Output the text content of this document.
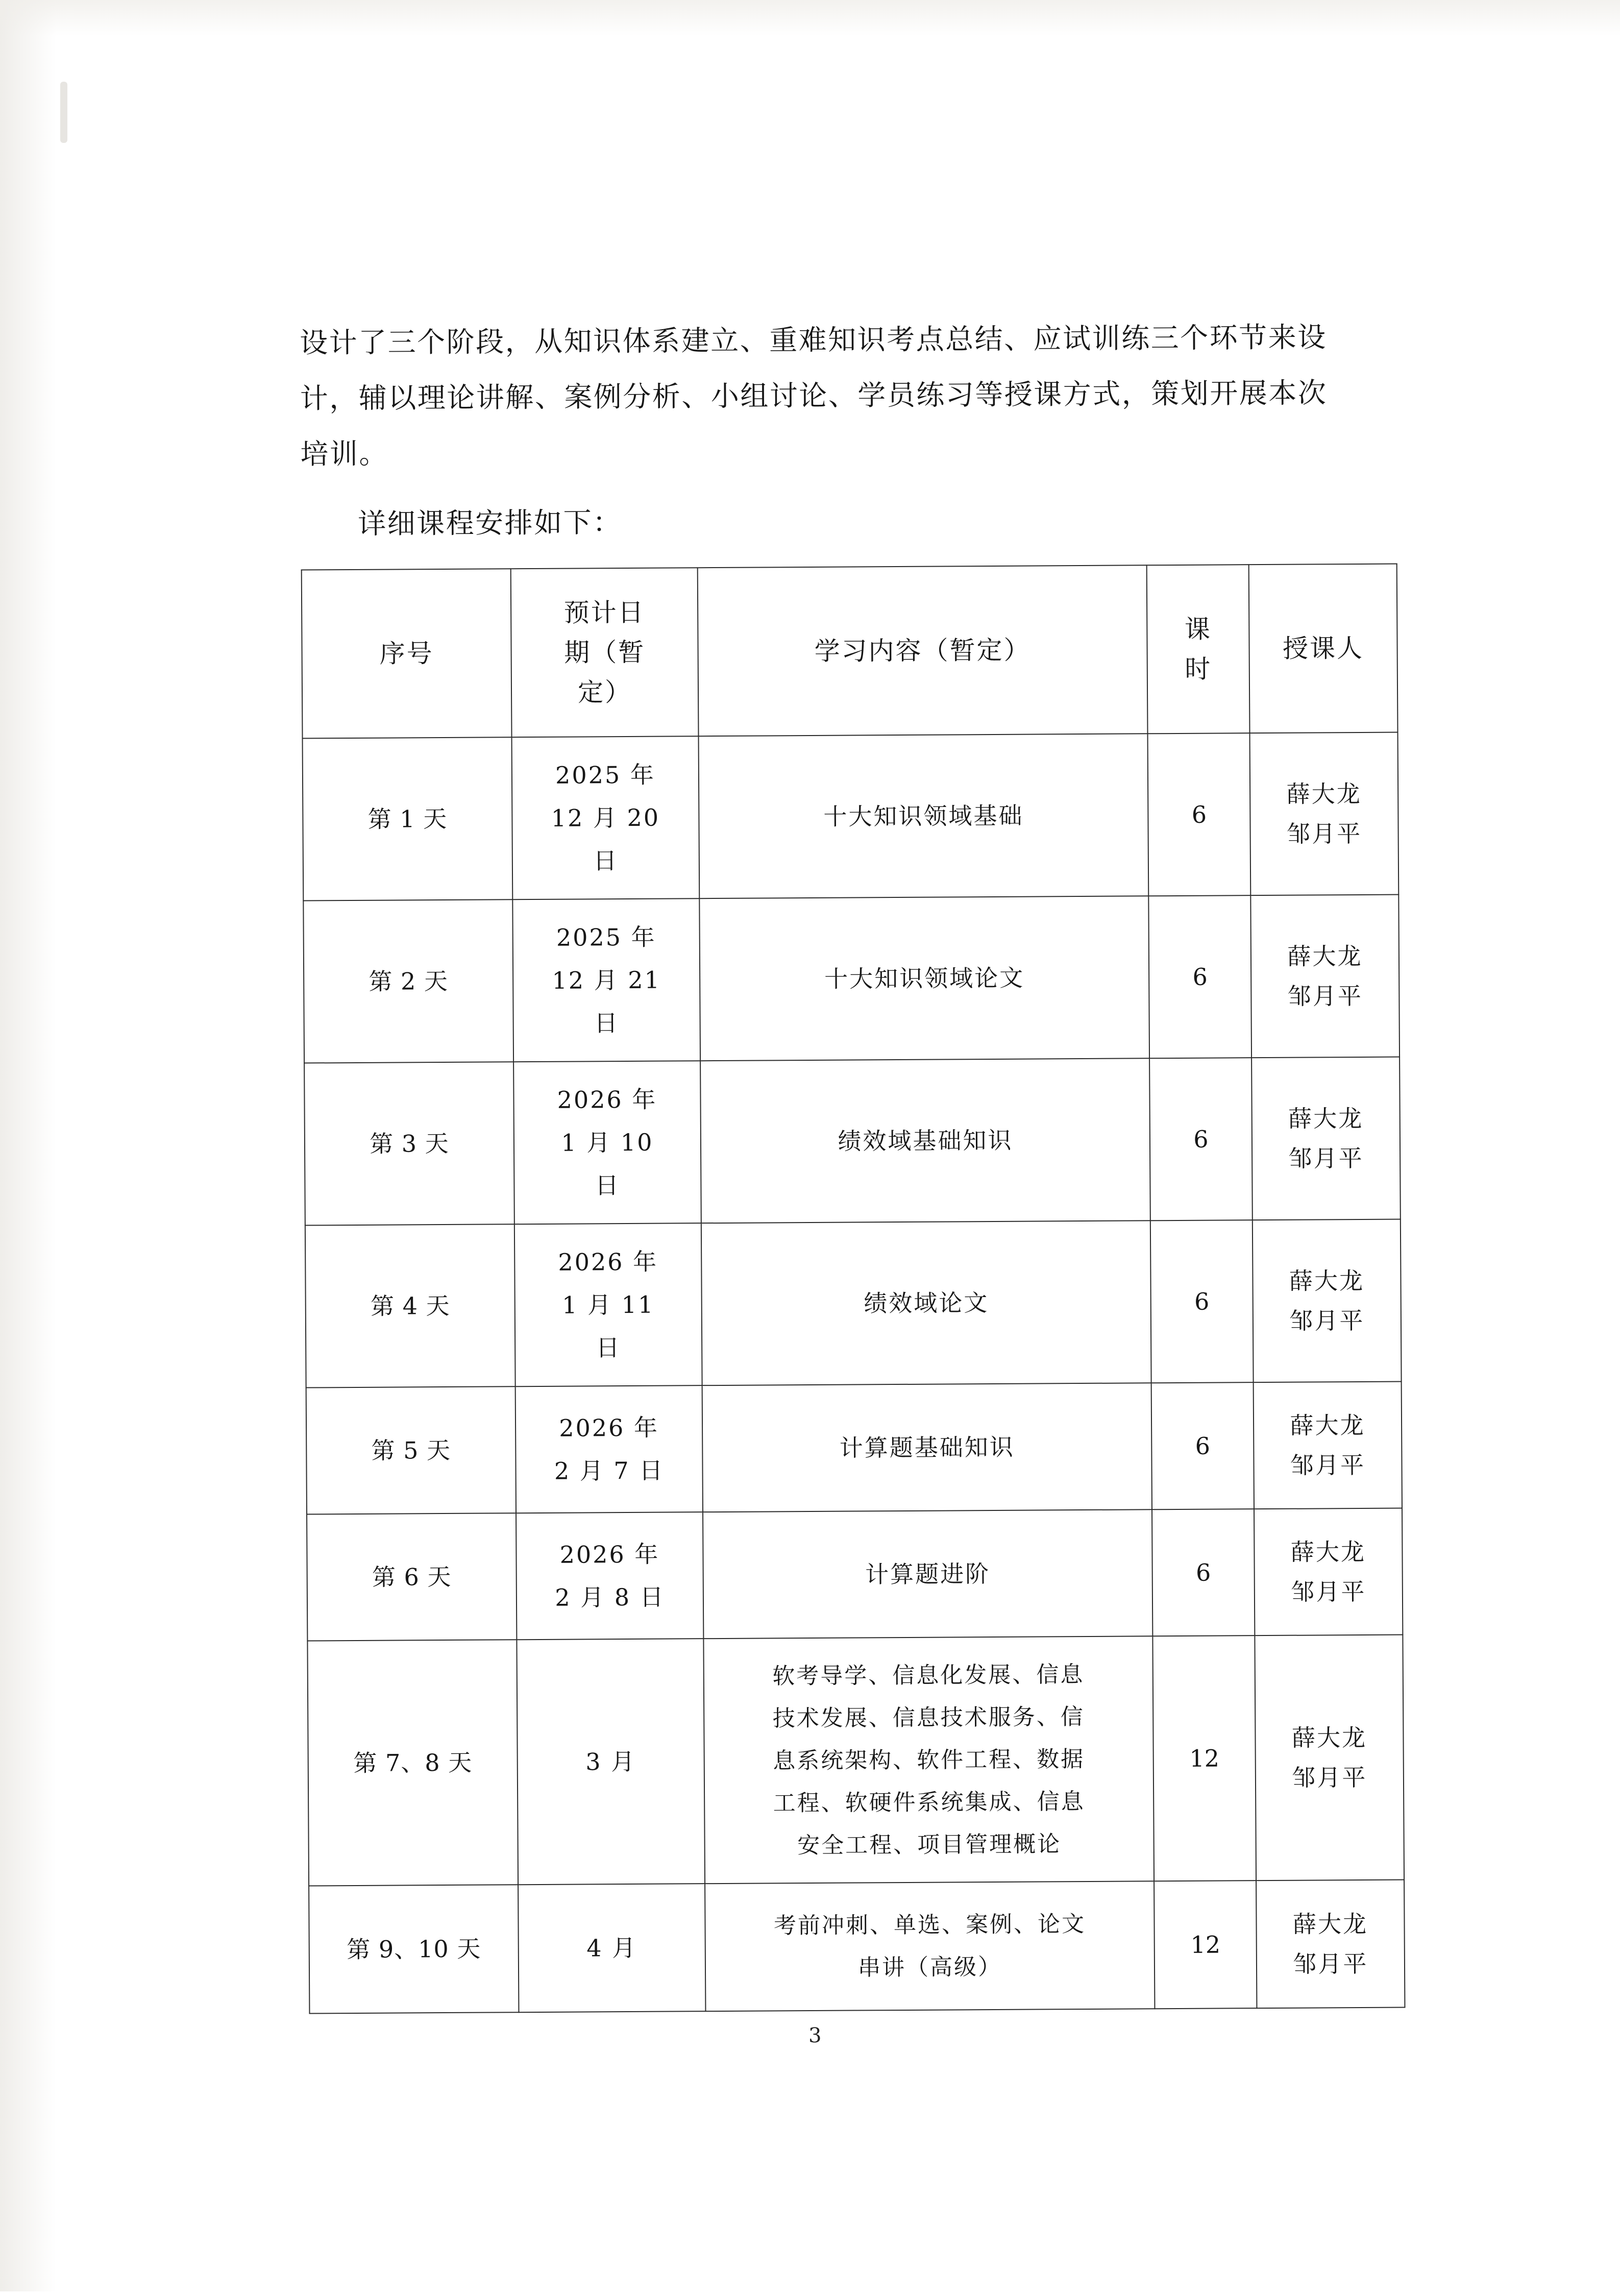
设计了三个阶段，从知识体系建立、重难知识考点总结、应试训练三个环节来设
计，辅以理论讲解、案例分析、小组讨论、学员练习等授课方式，策划开展本次
培训。

详细课程安排如下：

序号	预计日
期（暂
定）	学习内容（暂定）	课
时	授课人

第 1 天	2025 年
12 月 20
日	十大知识领域基础	6	薛大龙
邹月平

第 2 天	2025 年
12 月 21
日	十大知识领域论文	6	薛大龙
邹月平

第 3 天	2026 年
1 月 10
日	绩效域基础知识	6	薛大龙
邹月平

第 4 天	2026 年
1 月 11
日	绩效域论文	6	薛大龙
邹月平

第 5 天	2026 年
2 月 7 日	计算题基础知识	6	薛大龙
邹月平

第 6 天	2026 年
2 月 8 日	计算题进阶	6	薛大龙
邹月平

第 7、8 天	3 月	软考导学、信息化发展、信息
技术发展、信息技术服务、信
息系统架构、软件工程、数据
工程、软硬件系统集成、信息
安全工程、项目管理概论	12	薛大龙
邹月平

第 9、10 天	4 月	考前冲刺、单选、案例、论文
串讲（高级）	12	薛大龙
邹月平
3
